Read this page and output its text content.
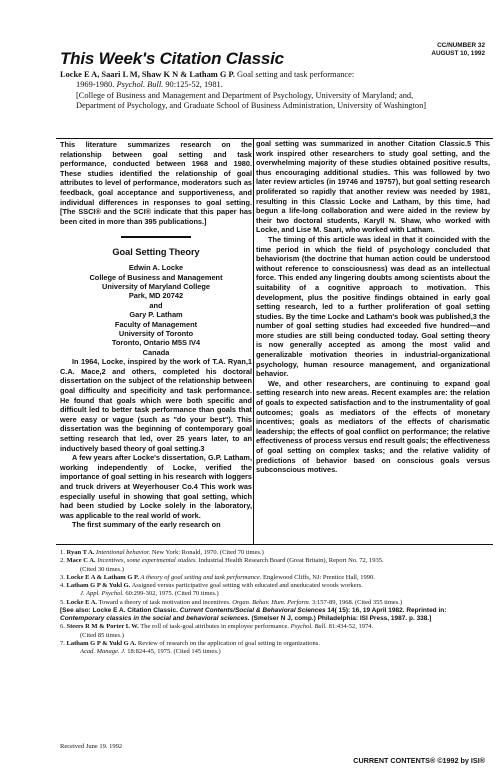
CC/NUMBER 32
AUGUST 10, 1992
This Week's Citation Classic
Locke E A, Saari L M, Shaw K N & Latham G P. Goal setting and task performance:
1969-1980. Psychol. Bull. 90:125-52, 1981.
[College of Business and Management and Department of Psychology, University of Maryland; and,
Department of Psychology, and Graduate School of Business Administration, University of Washington]

This literature summarizes research on the relationship between goal setting and task performance, conducted between 1968 and 1980. These studies identified the relationship of goal attributes to level of performance, moderators such as feedback, goal acceptance and supportiveness, and individual differences in responses to goal setting. [The SSCI® and the SCI® indicate that this paper has been cited in more than 395 publications.]

Goal Setting Theory
Edwin A. Locke
College of Business and Management
University of Maryland College
Park, MD 20742
and
Gary P. Latham
Faculty of Management
University of Toronto
Toronto, Ontario M5S IV4
Canada

In 1964, Locke, inspired by the work of T.A. Ryan,1 C.A. Mace,2 and others, completed his doctoral dissertation on the subject of the relationship between goal difficulty and specificity and task performance. He found that goals which were both specific and difficult led to better task performance than goals that were easy or vague (such as "do your best"). This dissertation was the beginning of contemporary goal setting research that led, over 25 years later, to an inductively based theory of goal setting.3

A few years after Locke's dissertation, G.P. Latham, working independently of Locke, verified the importance of goal setting in his research with loggers and truck drivers at Weyerhouser Co.4 This work was especially useful in showing that goal setting, which had been studied by Locke solely in the laboratory, was applicable to the real world of work.

The first summary of the early research on

goal setting was summarized in another Citation Classic.5 This work inspired other researchers to study goal setting, and the overwhelming majority of these studies obtained positive results, thus encouraging additional studies. This was followed by two later review articles (in 19746 and 19757), but goal setting research proliferated so rapidly that another review was needed by 1981, resulting in this Classic Locke and Latham, by this time, had begun a life-long collaboration and were aided in the review by their two doctoral students, Karyll N. Shaw, who worked with Locke, and Lise M. Saari, who worked with Latham.

The timing of this article was ideal in that it coincided with the time period in which the field of psychology concluded that behaviorism (the doctrine that human action could be understood without reference to consciousness) was dead as an intellectual force. This ended any lingering doubts among scientists about the suitability of a cognitive approach to motivation. This development, plus the positive findings obtained in early goal setting research, led to a further proliferation of goal setting studies. By the time Locke and Latham's book was published,3 the number of goal setting studies had exceeded five hundred—and more studies are still being conducted today. Goal setting theory is now generally accepted as among the most valid and generalizable motivation theories in industrial-organizational psychology, human resource management, and organizational behavior.

We, and other researchers, are continuing to expand goal setting research into new areas. Recent examples are: the relation of goals to expected satisfaction and to the instrumentality of goal outcomes; goals as mediators of the effects of monetary incentives; goals as mediators of the effects of charismatic leadership; the effects of goal conflict on performance; the relative effectiveness of process versus end result goals; the effectiveness of goal setting on complex tasks; and the relative validity of predictions of behavior based on conscious goals versus subconscious motives.

1. Ryan T A. Intentional behavior. New York: Ronald, 1970. (Cited 70 times.)
2. Mace C A. Incentives, some experimental studies. Industrial Health Research Board (Great Britain), Report No. 72, 1935.
(Cited 30 times.)
3. Locke E A & Latham G P. A theory of goal setting and task performance. Englewood Cliffs, NJ: Prentice Hall, 1990.
4. Latham G P & Yukl G. Assigned versus participative goal setting with educated and uneducated woods workers.
J. Appl. Psychol. 60:299-302, 1975. (Cited 70 times.)
5. Locke E A. Toward a theory of task motivation and incentives. Organ. Behav. Hum. Perform. 3:157-89, 1968. (Cited 355 times.)
[See also: Locke E A. Citation Classic. Current Contents/Social & Behavioral Sciences 14( 15): 16, 19 April 1982. Reprinted in: Contemporary classics in the social and behavioral sciences. (Smelser N J, comp.) Philadelphia: ISI Press, 1987. p. 338.]
6. Steers R M & Porter L W. The roll of task-goal attributes in employee performance. Psychol. Bull. 81:434-52, 1974.
(Cited 85 times.)
7. Latham G P & Yukl G A. Review of research on the application of goal setting in organizations.
Acad. Manage. J. 18:824-45, 1975. (Cited 145 times.)
Received June 19. 1992
CURRENT CONTENTS® ©1992 by ISI®
